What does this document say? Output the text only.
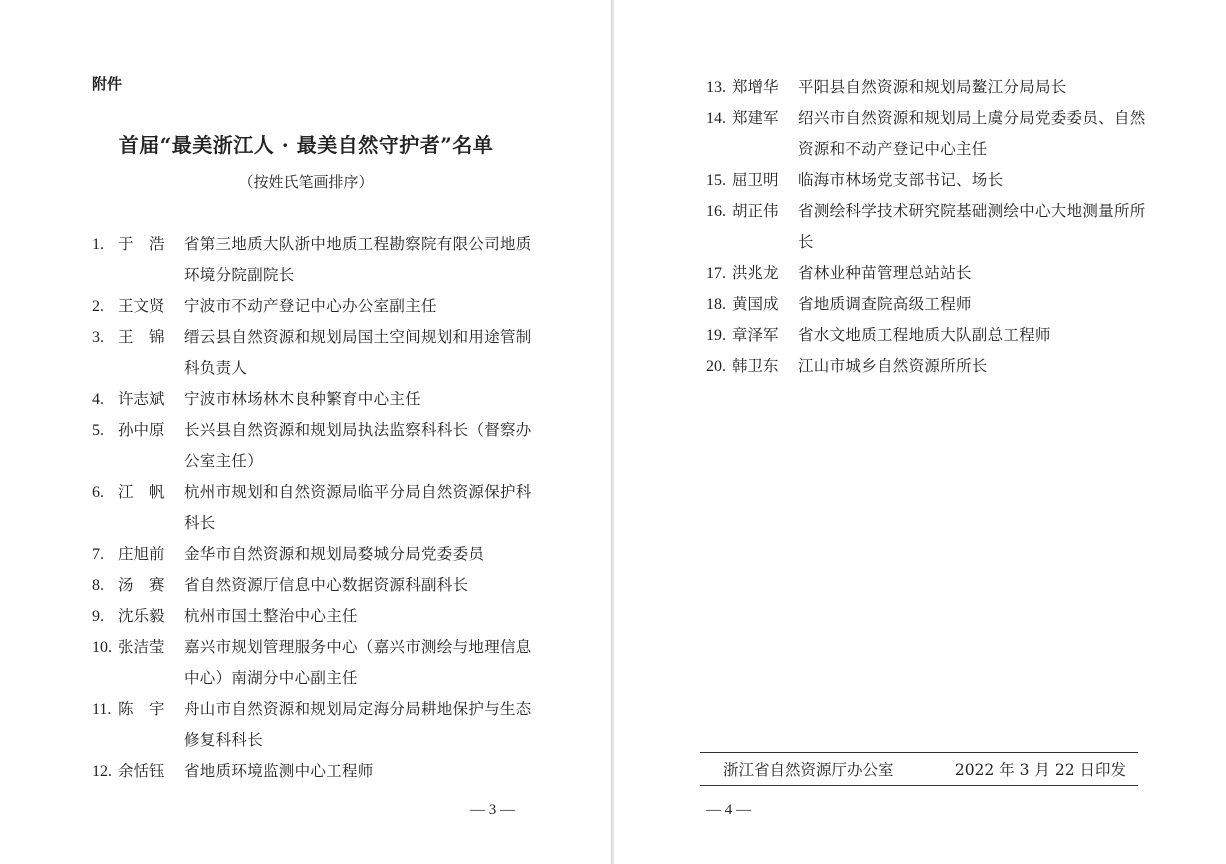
附件
首届“最美浙江人 · 最美自然守护者”名单
（按姓氏笔画排序）
1. 于　浩	省第三地质大队浙中地质工程勘察院有限公司地质环境分院副院长
2. 王文贤	宁波市不动产登记中心办公室副主任
3. 王　锦	缙云县自然资源和规划局国土空间规划和用途管制科负责人
4. 许志斌	宁波市林场林木良种繁育中心主任
5. 孙中原	长兴县自然资源和规划局执法监察科科长（督察办公室主任）
6. 江　帆	杭州市规划和自然资源局临平分局自然资源保护科科长
7. 庄旭前	金华市自然资源和规划局婺城分局党委委员
8. 汤　赛	省自然资源厅信息中心数据资源科副科长
9. 沈乐毅	杭州市国土整治中心主任
10. 张洁莹	嘉兴市规划管理服务中心（嘉兴市测绘与地理信息中心）南湖分中心副主任
11. 陈　宇	舟山市自然资源和规划局定海分局耕地保护与生态修复科科长
12. 余恬钰	省地质环境监测中心工程师
— 3 —
13. 郑增华	平阳县自然资源和规划局鳌江分局局长
14. 郑建军	绍兴市自然资源和规划局上虞分局党委委员、自然资源和不动产登记中心主任
15. 屈卫明	临海市林场党支部书记、场长
16. 胡正伟	省测绘科学技术研究院基础测绘中心大地测量所所长
17. 洪兆龙	省林业种苗管理总站站长
18. 黄国成	省地质调查院高级工程师
19. 章泽军	省水文地质工程地质大队副总工程师
20. 韩卫东	江山市城乡自然资源所所长
浙江省自然资源厅办公室	2022 年 3 月 22 日印发
— 4 —
